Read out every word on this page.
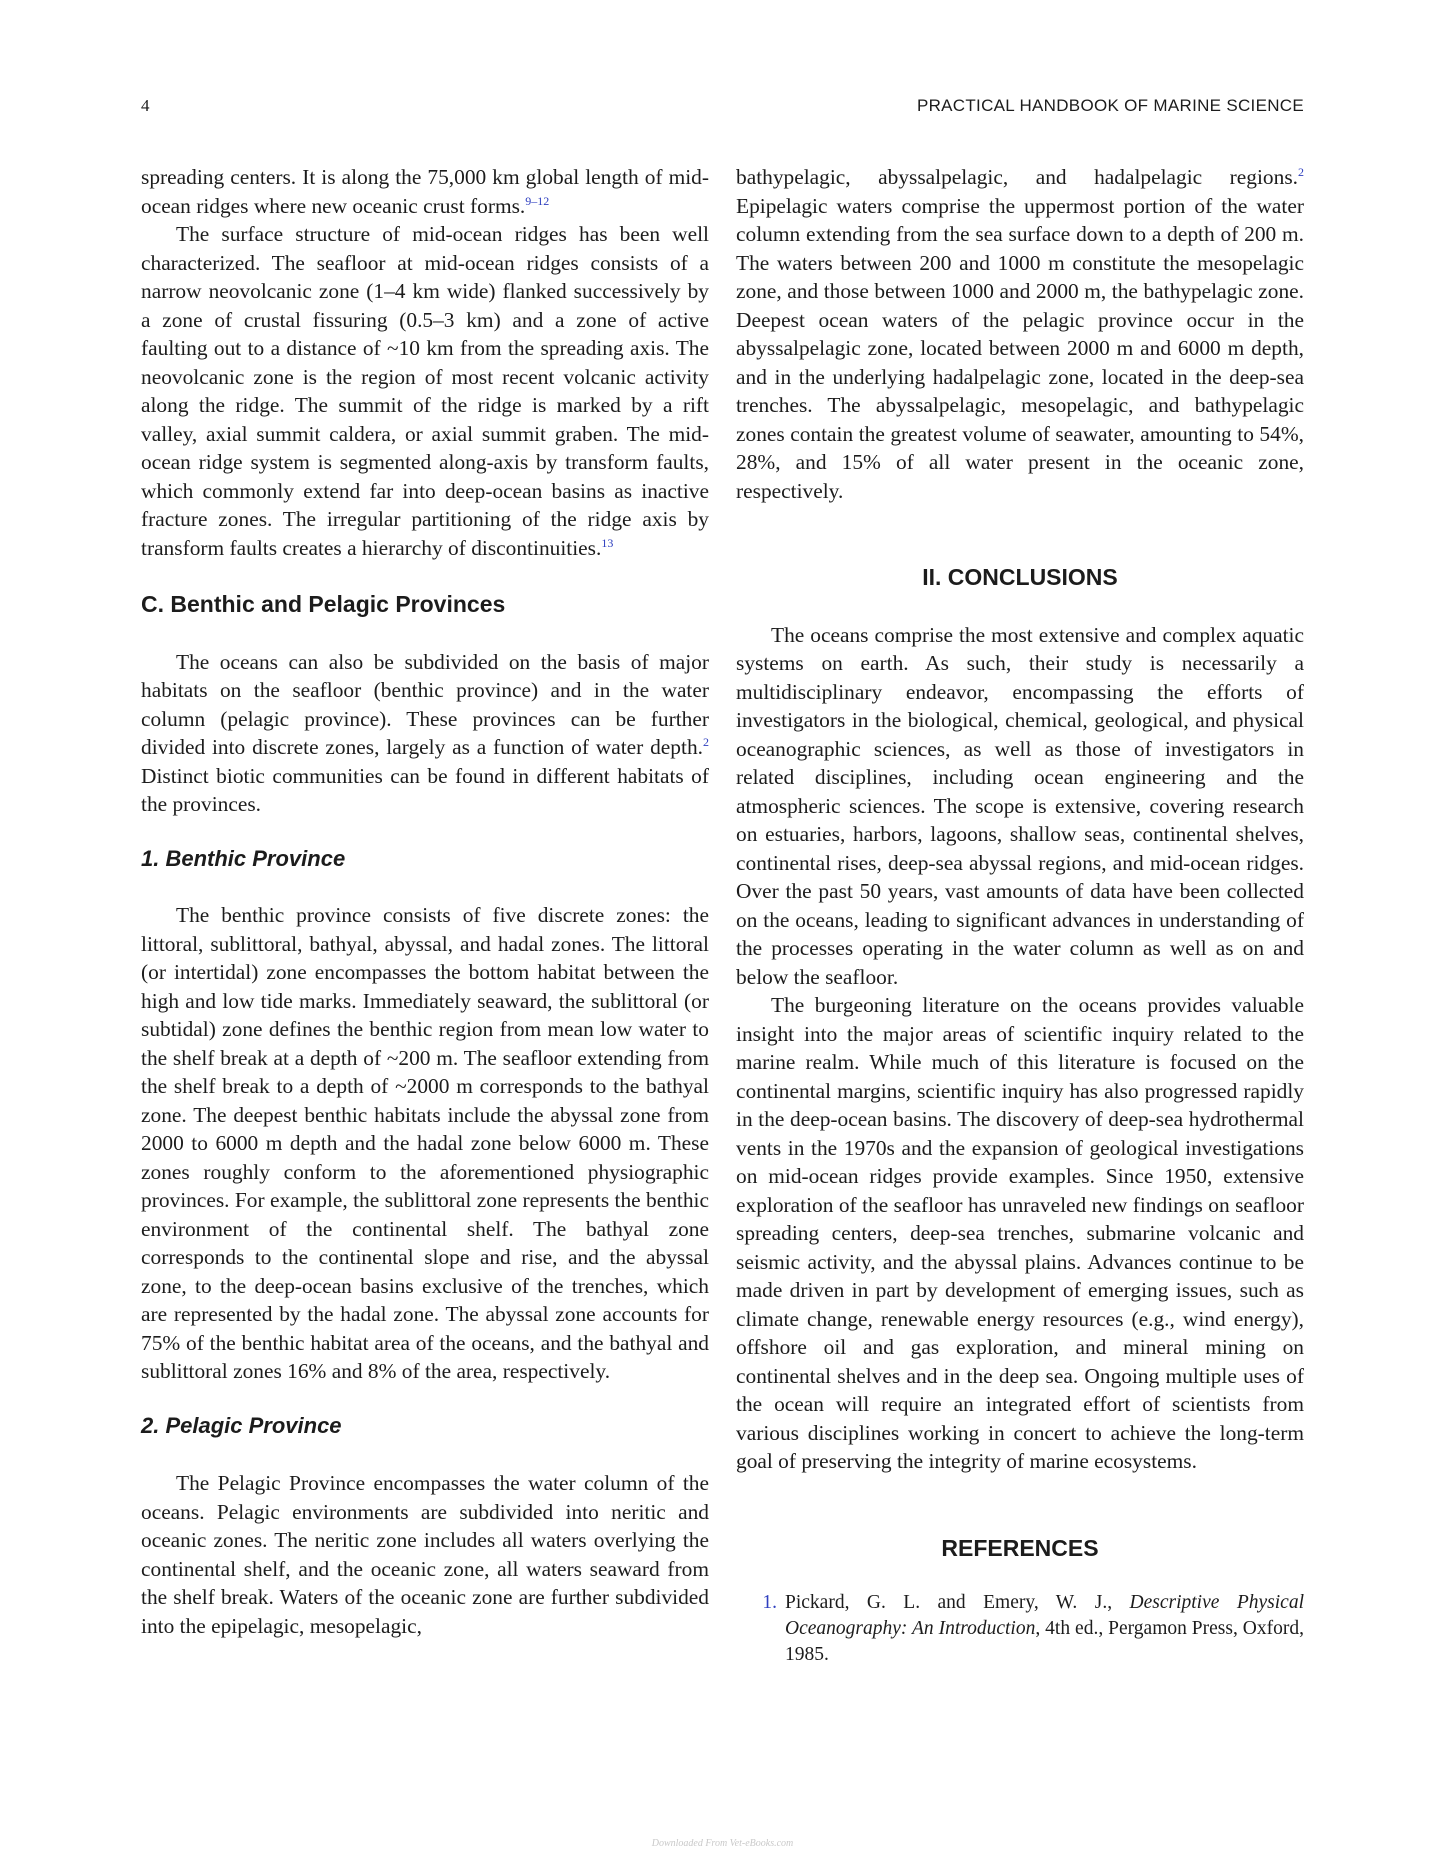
4	PRACTICAL HANDBOOK OF MARINE SCIENCE

spreading centers. It is along the 75,000 km global length of mid-ocean ridges where new oceanic crust forms.$^{9-12}$

The surface structure of mid-ocean ridges has been well characterized. The seafloor at mid-ocean ridges consists of a narrow neovolcanic zone (1–4 km wide) flanked successively by a zone of crustal fissuring (0.5–3 km) and a zone of active faulting out to a distance of ~10 km from the spreading axis. The neovolcanic zone is the region of most recent volcanic activity along the ridge. The summit of the ridge is marked by a rift valley, axial summit caldera, or axial summit graben. The mid-ocean ridge system is segmented along-axis by transform faults, which commonly extend far into deep-ocean basins as inactive fracture zones. The irregular partitioning of the ridge axis by transform faults creates a hierarchy of discontinuities.$^{13}$

C. Benthic and Pelagic Provinces

The oceans can also be subdivided on the basis of major habitats on the seafloor (benthic province) and in the water column (pelagic province). These provinces can be further divided into discrete zones, largely as a function of water depth.$^2$ Distinct biotic communities can be found in different habitats of the provinces.

1. Benthic Province

The benthic province consists of five discrete zones: the littoral, sublittoral, bathyal, abyssal, and hadal zones. The littoral (or intertidal) zone encompasses the bottom habitat between the high and low tide marks. Immediately seaward, the sublittoral (or subtidal) zone defines the benthic region from mean low water to the shelf break at a depth of ~200 m. The seafloor extending from the shelf break to a depth of ~2000 m corresponds to the bathyal zone. The deepest benthic habitats include the abyssal zone from 2000 to 6000 m depth and the hadal zone below 6000 m. These zones roughly conform to the aforementioned physiographic provinces. For example, the sublittoral zone represents the benthic environment of the continental shelf. The bathyal zone corresponds to the continental slope and rise, and the abyssal zone, to the deep-ocean basins exclusive of the trenches, which are represented by the hadal zone. The abyssal zone accounts for 75% of the benthic habitat area of the oceans, and the bathyal and sublittoral zones 16% and 8% of the area, respectively.

2. Pelagic Province

The Pelagic Province encompasses the water column of the oceans. Pelagic environments are subdivided into neritic and oceanic zones. The neritic zone includes all waters overlying the continental shelf, and the oceanic zone, all waters seaward from the shelf break. Waters of the oceanic zone are further subdivided into the epipelagic, mesopelagic,

bathypelagic, abyssalpelagic, and hadalpelagic regions.$^2$ Epipelagic waters comprise the uppermost portion of the water column extending from the sea surface down to a depth of 200 m. The waters between 200 and 1000 m constitute the mesopelagic zone, and those between 1000 and 2000 m, the bathypelagic zone. Deepest ocean waters of the pelagic province occur in the abyssalpelagic zone, located between 2000 m and 6000 m depth, and in the underlying hadalpelagic zone, located in the deep-sea trenches. The abyssalpelagic, mesopelagic, and bathypelagic zones contain the greatest volume of seawater, amounting to 54%, 28%, and 15% of all water present in the oceanic zone, respectively.

II. CONCLUSIONS

The oceans comprise the most extensive and complex aquatic systems on earth. As such, their study is necessarily a multidisciplinary endeavor, encompassing the efforts of investigators in the biological, chemical, geological, and physical oceanographic sciences, as well as those of investigators in related disciplines, including ocean engineering and the atmospheric sciences. The scope is extensive, covering research on estuaries, harbors, lagoons, shallow seas, continental shelves, continental rises, deep-sea abyssal regions, and mid-ocean ridges. Over the past 50 years, vast amounts of data have been collected on the oceans, leading to significant advances in understanding of the processes operating in the water column as well as on and below the seafloor.

The burgeoning literature on the oceans provides valuable insight into the major areas of scientific inquiry related to the marine realm. While much of this literature is focused on the continental margins, scientific inquiry has also progressed rapidly in the deep-ocean basins. The discovery of deep-sea hydrothermal vents in the 1970s and the expansion of geological investigations on mid-ocean ridges provide examples. Since 1950, extensive exploration of the seafloor has unraveled new findings on seafloor spreading centers, deep-sea trenches, submarine volcanic and seismic activity, and the abyssal plains. Advances continue to be made driven in part by development of emerging issues, such as climate change, renewable energy resources (e.g., wind energy), offshore oil and gas exploration, and mineral mining on continental shelves and in the deep sea. Ongoing multiple uses of the ocean will require an integrated effort of scientists from various disciplines working in concert to achieve the long-term goal of preserving the integrity of marine ecosystems.

REFERENCES
1. Pickard, G. L. and Emery, W. J., Descriptive Physical Oceanography: An Introduction, 4th ed., Pergamon Press, Oxford, 1985.
Downloaded From Vet-eBooks.com
